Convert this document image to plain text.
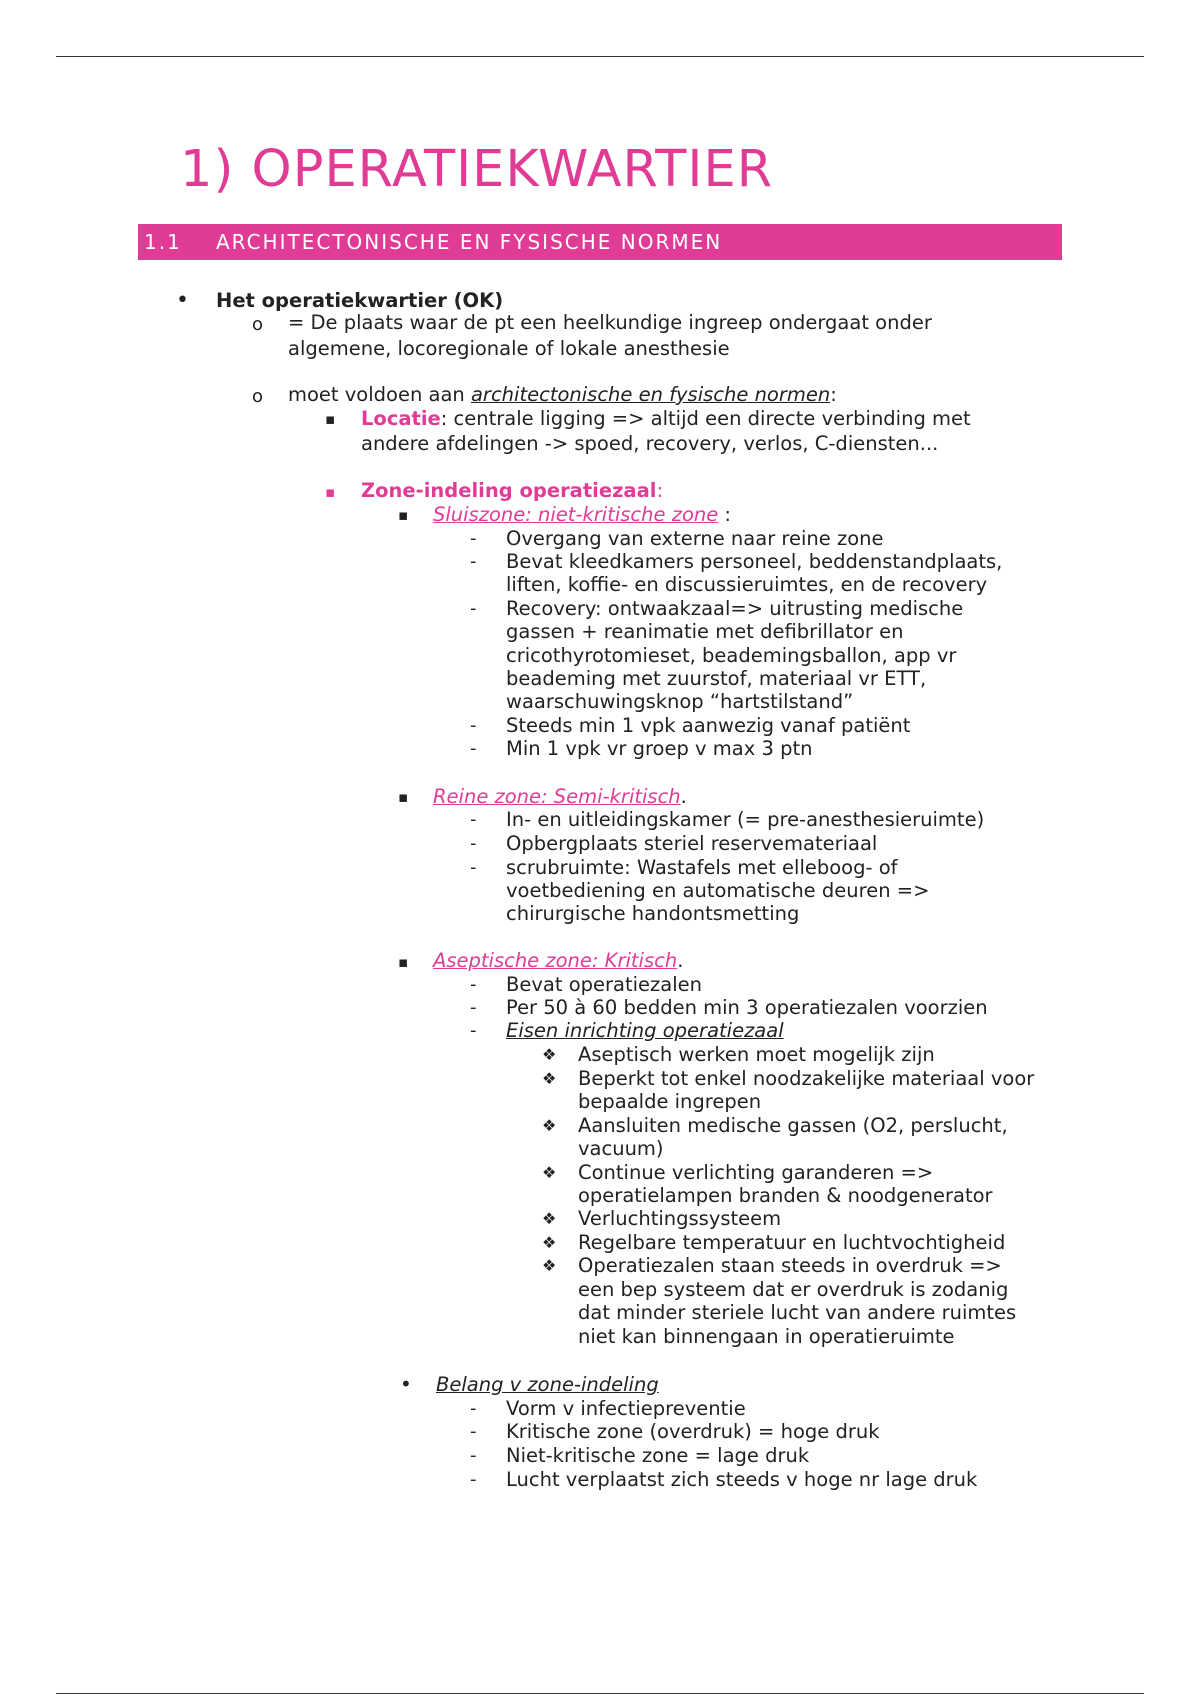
1) OPERATIEKWARTIER
1.1 ARCHITECTONISCHE EN FYSISCHE NORMEN
• Het operatiekwartier (OK)
o = De plaats waar de pt een heelkundige ingreep ondergaat onder
algemene, locoregionale of lokale anesthesie
o moet voldoen aan architectonische en fysische normen:
▪ Locatie: centrale ligging => altijd een directe verbinding met
andere afdelingen -> spoed, recovery, verlos, C-diensten...
▪ Zone-indeling operatiezaal:
▪ Sluiszone: niet-kritische zone :
- Overgang van externe naar reine zone
- Bevat kleedkamers personeel, beddenstandplaats,
liften, koffie- en discussieruimtes, en de recovery
- Recovery: ontwaakzaal=> uitrusting medische
gassen + reanimatie met defibrillator en
cricothyrotomieset, beademingsballon, app vr
beademing met zuurstof, materiaal vr ETT,
waarschuwingsknop “hartstilstand”
- Steeds min 1 vpk aanwezig vanaf patiënt
- Min 1 vpk vr groep v max 3 ptn
▪ Reine zone: Semi-kritisch.
- In- en uitleidingskamer (= pre-anesthesieruimte)
- Opbergplaats steriel reservemateriaal
- scrubruimte: Wastafels met elleboog- of
voetbediening en automatische deuren =>
chirurgische handontsmetting
▪ Aseptische zone: Kritisch.
- Bevat operatiezalen
- Per 50 à 60 bedden min 3 operatiezalen voorzien
- Eisen inrichting operatiezaal
❖ Aseptisch werken moet mogelijk zijn
❖ Beperkt tot enkel noodzakelijke materiaal voor
bepaalde ingrepen
❖ Aansluiten medische gassen (O2, perslucht,
vacuum)
❖ Continue verlichting garanderen =>
operatielampen branden & noodgenerator
❖ Verluchtingssysteem
❖ Regelbare temperatuur en luchtvochtigheid
❖ Operatiezalen staan steeds in overdruk =>
een bep systeem dat er overdruk is zodanig
dat minder steriele lucht van andere ruimtes
niet kan binnengaan in operatieruimte
• Belang v zone-indeling
- Vorm v infectiepreventie
- Kritische zone (overdruk) = hoge druk
- Niet-kritische zone = lage druk
- Lucht verplaatst zich steeds v hoge nr lage druk
